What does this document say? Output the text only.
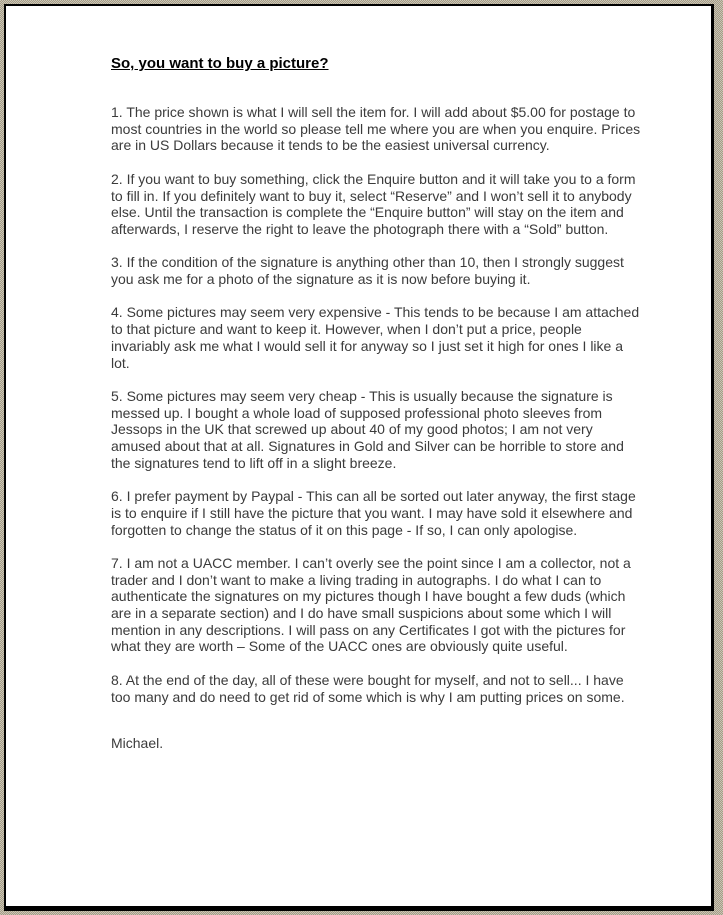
So, you want to buy a picture?

1. The price shown is what I will sell the item for. I will add about $5.00 for postage to most countries in the world so please tell me where you are when you enquire. Prices are in US Dollars because it tends to be the easiest universal currency.

2. If you want to buy something, click the Enquire button and it will take you to a form to fill in. If you definitely want to buy it, select “Reserve” and I won’t sell it to anybody else. Until the transaction is complete the “Enquire button” will stay on the item and afterwards, I reserve the right to leave the photograph there with a “Sold” button.

3. If the condition of the signature is anything other than 10, then I strongly suggest you ask me for a photo of the signature as it is now before buying it.

4. Some pictures may seem very expensive - This tends to be because I am attached to that picture and want to keep it. However, when I don’t put a price, people invariably ask me what I would sell it for anyway so I just set it high for ones I like a lot.

5. Some pictures may seem very cheap - This is usually because the signature is messed up. I bought a whole load of supposed professional photo sleeves from Jessops in the UK that screwed up about 40 of my good photos; I am not very amused about that at all. Signatures in Gold and Silver can be horrible to store and the signatures tend to lift off in a slight breeze.

6. I prefer payment by Paypal - This can all be sorted out later anyway, the first stage is to enquire if I still have the picture that you want. I may have sold it elsewhere and forgotten to change the status of it on this page - If so, I can only apologise.

7. I am not a UACC member. I can’t overly see the point since I am a collector, not a trader and I don’t want to make a living trading in autographs. I do what I can to authenticate the signatures on my pictures though I have bought a few duds (which are in a separate section) and I do have small suspicions about some which I will mention in any descriptions. I will pass on any Certificates I got with the pictures for what they are worth – Some of the UACC ones are obviously quite useful.

8. At the end of the day, all of these were bought for myself, and not to sell... I have too many and do need to get rid of some which is why I am putting prices on some.

Michael.
